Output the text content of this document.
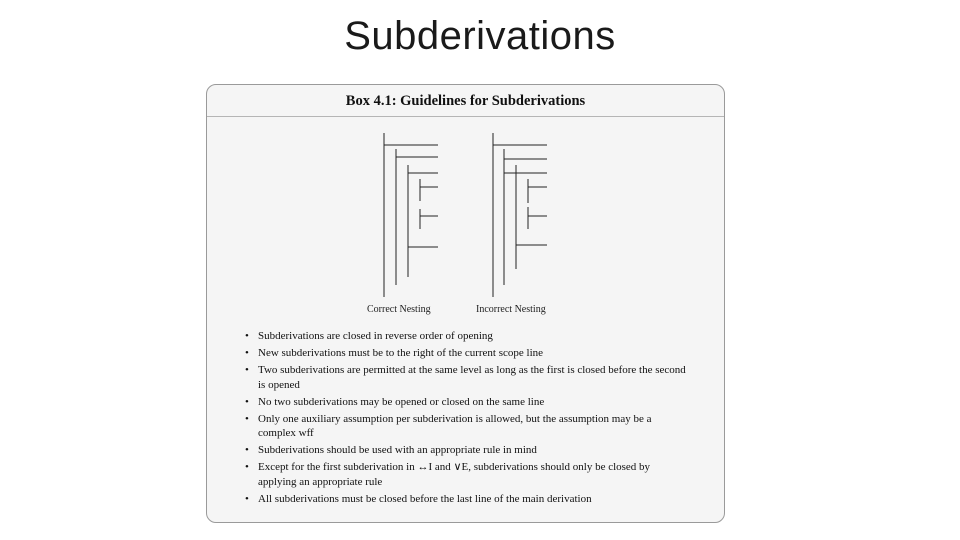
Subderivations
Box 4.1: Guidelines for Subderivations
Correct Nesting	Incorrect Nesting
• Subderivations are closed in reverse order of opening
• New subderivations must be to the right of the current scope line
• Two subderivations are permitted at the same level as long as the first is closed before the second is opened
• No two subderivations may be opened or closed on the same line
• Only one auxiliary assumption per subderivation is allowed, but the assumption may be a complex wff
• Subderivations should be used with an appropriate rule in mind
• Except for the first subderivation in ↔I and ∨E, subderivations should only be closed by applying an appropriate rule
• All subderivations must be closed before the last line of the main derivation
